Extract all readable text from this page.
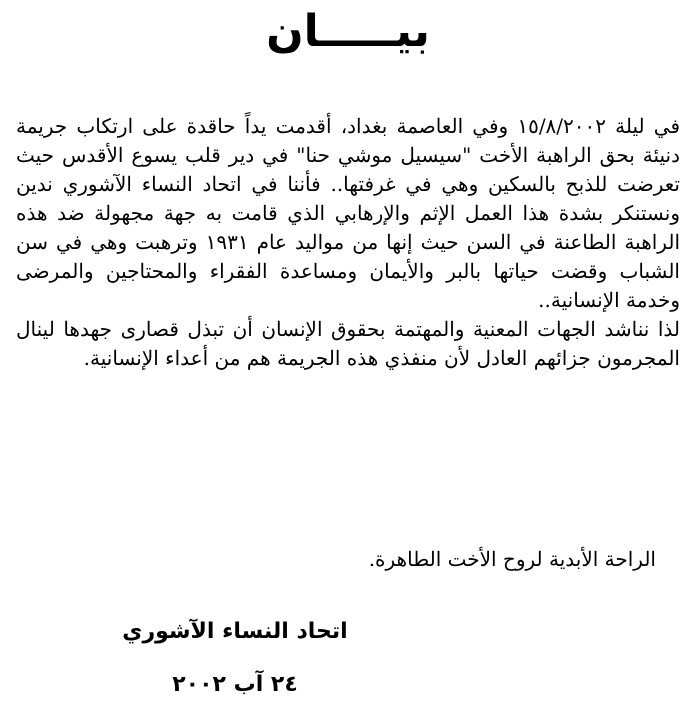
بيـــــان

في ليلة ١٥/٨/٢٠٠٢ وفي العاصمة بغداد، أقدمت يداً حاقدة على ارتكاب جريمة دنيئة بحق الراهبة الأخت "سيسيل موشي حنا" في دير قلب يسوع الأقدس حيث تعرضت للذبح بالسكين وهي في غرفتها.. فأننا في اتحاد النساء الآشوري ندين ونستنكر بشدة هذا العمل الإثم والإرهابي الذي قامت به جهة مجهولة ضد هذه الراهبة الطاعنة في السن حيث إنها من مواليد عام ١٩٣١ وترهبت وهي في سن الشباب وقضت حياتها بالبر والأيمان ومساعدة الفقراء والمحتاجين والمرضى وخدمة الإنسانية..

لذا نناشد الجهات المعنية والمهتمة بحقوق الإنسان أن تبذل قصارى جهدها لينال المجرمون جزائهم العادل لأن منفذي هذه الجريمة هم من أعداء الإنسانية.

الراحة الأبدية لروح الأخت الطاهرة.
اتحاد النساء الآشوري
٢٤ آب ٢٠٠٢
